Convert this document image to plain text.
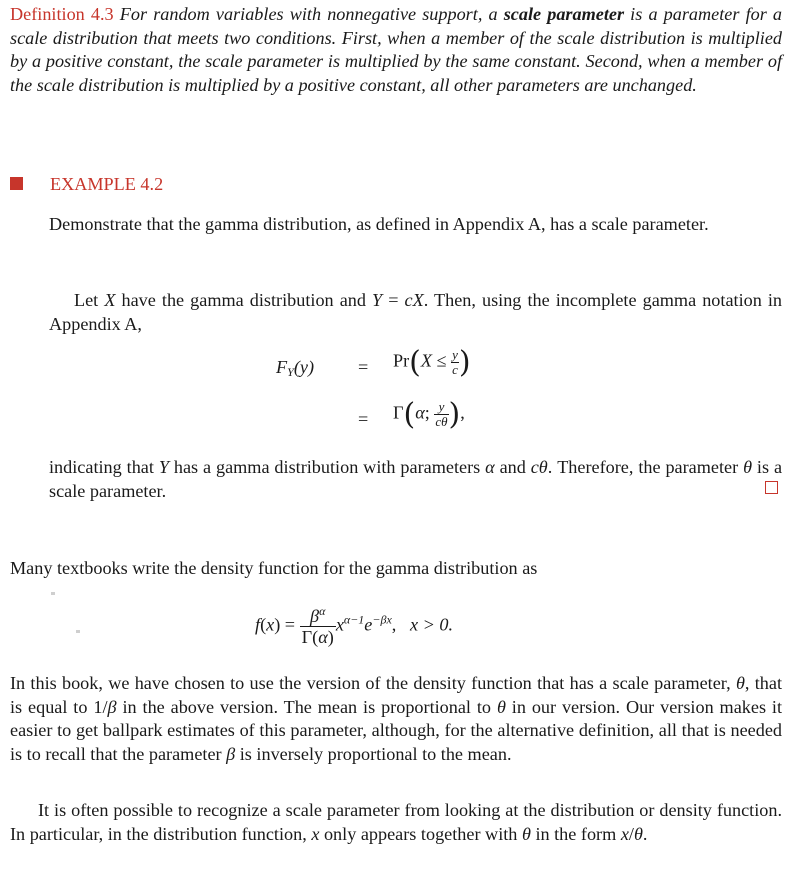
Definition 4.3 For random variables with nonnegative support, a scale parameter is a parameter for a scale distribution that meets two conditions. First, when a member of the scale distribution is multiplied by a positive constant, the scale parameter is multiplied by the same constant. Second, when a member of the scale distribution is multiplied by a positive constant, all other parameters are unchanged.
EXAMPLE 4.2
Demonstrate that the gamma distribution, as defined in Appendix A, has a scale parameter.
Let X have the gamma distribution and Y = cX. Then, using the incomplete gamma notation in Appendix A,
$F_Y(y) = Pr(X \le \frac{y}{c}$ )
= Γ(α; $\frac{y}{c\theta}$ ),
indicating that Y has a gamma distribution with parameters α and cθ. Therefore, the parameter θ is a scale parameter.
Many textbooks write the density function for the gamma distribution as
$f(x) = \frac{\beta^\alpha}{\Gamma(\alpha)} x^{\alpha-1}e^{-\beta x}$,   x > 0.
In this book, we have chosen to use the version of the density function that has a scale parameter, θ, that is equal to 1/β in the above version. The mean is proportional to θ in our version. Our version makes it easier to get ballpark estimates of this parameter, although, for the alternative definition, all that is needed is to recall that the parameter β is inversely proportional to the mean.
It is often possible to recognize a scale parameter from looking at the distribution or density function. In particular, in the distribution function, x only appears together with θ in the form x/θ.
